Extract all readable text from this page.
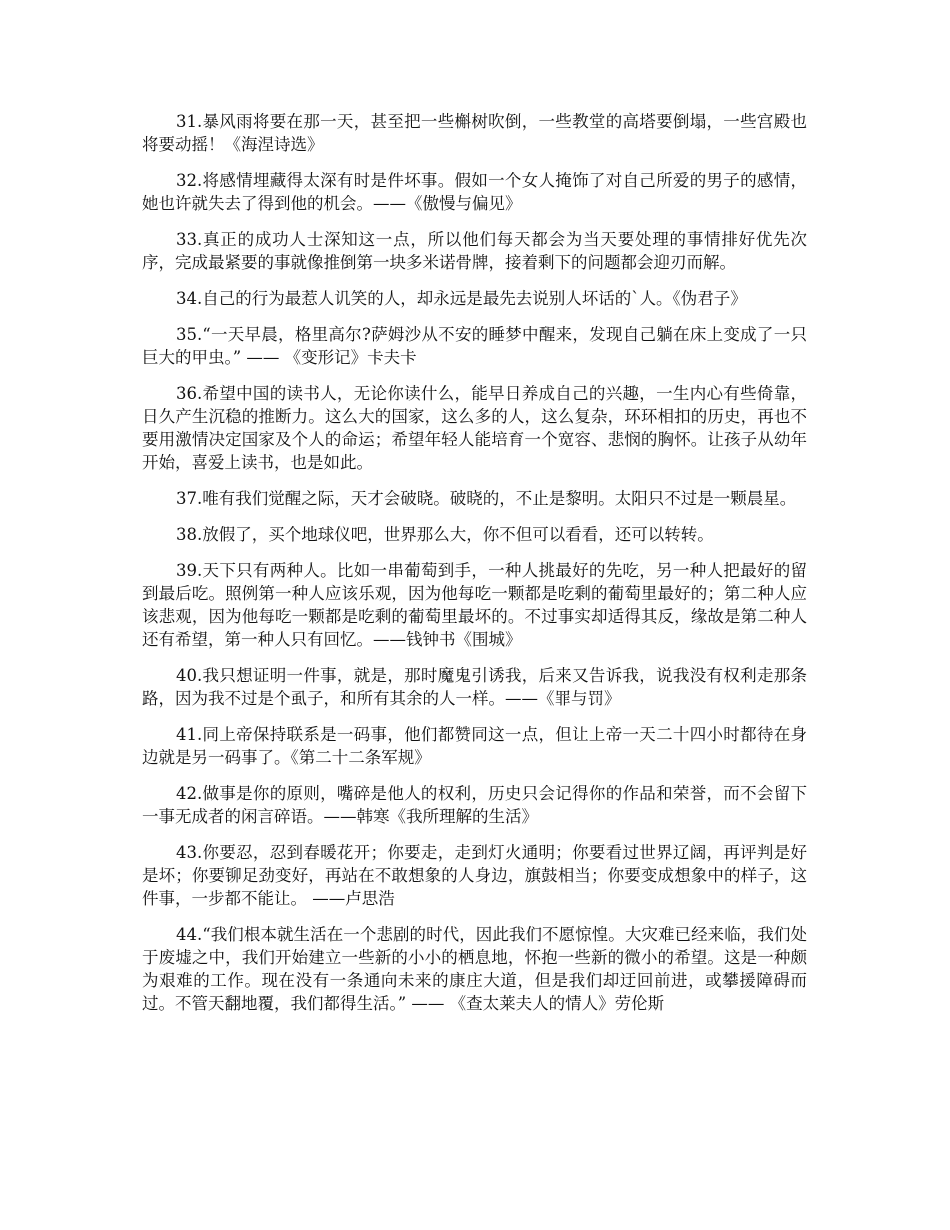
31.暴风雨将要在那一天，甚至把一些槲树吹倒，一些教堂的高塔要倒塌，一些宫殿也将要动摇！《海涅诗选》

32.将感情埋藏得太深有时是件坏事。假如一个女人掩饰了对自己所爱的男子的感情，她也许就失去了得到他的机会。——《傲慢与偏见》

33.真正的成功人士深知这一点，所以他们每天都会为当天要处理的事情排好优先次序，完成最紧要的事就像推倒第一块多米诺骨牌，接着剩下的问题都会迎刃而解。

34.自己的行为最惹人讥笑的人，却永远是最先去说别人坏话的`人。《伪君子》

35.“一天早晨，格里高尔?萨姆沙从不安的睡梦中醒来，发现自己躺在床上变成了一只巨大的甲虫。” —— 《变形记》卡夫卡

36.希望中国的读书人，无论你读什么，能早日养成自己的兴趣，一生内心有些倚靠，日久产生沉稳的推断力。这么大的国家，这么多的人，这么复杂，环环相扣的历史，再也不要用激情决定国家及个人的命运；希望年轻人能培育一个宽容、悲悯的胸怀。让孩子从幼年开始，喜爱上读书，也是如此。

37.唯有我们觉醒之际，天才会破晓。破晓的，不止是黎明。太阳只不过是一颗晨星。

38.放假了，买个地球仪吧，世界那么大，你不但可以看看，还可以转转。

39.天下只有两种人。比如一串葡萄到手，一种人挑最好的先吃，另一种人把最好的留到最后吃。照例第一种人应该乐观，因为他每吃一颗都是吃剩的葡萄里最好的；第二种人应该悲观，因为他每吃一颗都是吃剩的葡萄里最坏的。不过事实却适得其反，缘故是第二种人还有希望，第一种人只有回忆。——钱钟书《围城》

40.我只想证明一件事，就是，那时魔鬼引诱我，后来又告诉我，说我没有权利走那条路，因为我不过是个虱子，和所有其余的人一样。——《罪与罚》

41.同上帝保持联系是一码事，他们都赞同这一点，但让上帝一天二十四小时都待在身边就是另一码事了。《第二十二条军规》

42.做事是你的原则，嘴碎是他人的权利，历史只会记得你的作品和荣誉，而不会留下一事无成者的闲言碎语。——韩寒《我所理解的生活》

43.你要忍，忍到春暖花开；你要走，走到灯火通明；你要看过世界辽阔，再评判是好是坏；你要铆足劲变好，再站在不敢想象的人身边，旗鼓相当；你要变成想象中的样子，这件事，一步都不能让。 ——卢思浩

44.“我们根本就生活在一个悲剧的时代，因此我们不愿惊惶。大灾难已经来临，我们处于废墟之中，我们开始建立一些新的小小的栖息地，怀抱一些新的微小的希望。这是一种颇为艰难的工作。现在没有一条通向未来的康庄大道，但是我们却迂回前进，或攀援障碍而过。不管天翻地覆，我们都得生活。” —— 《查太莱夫人的情人》劳伦斯
